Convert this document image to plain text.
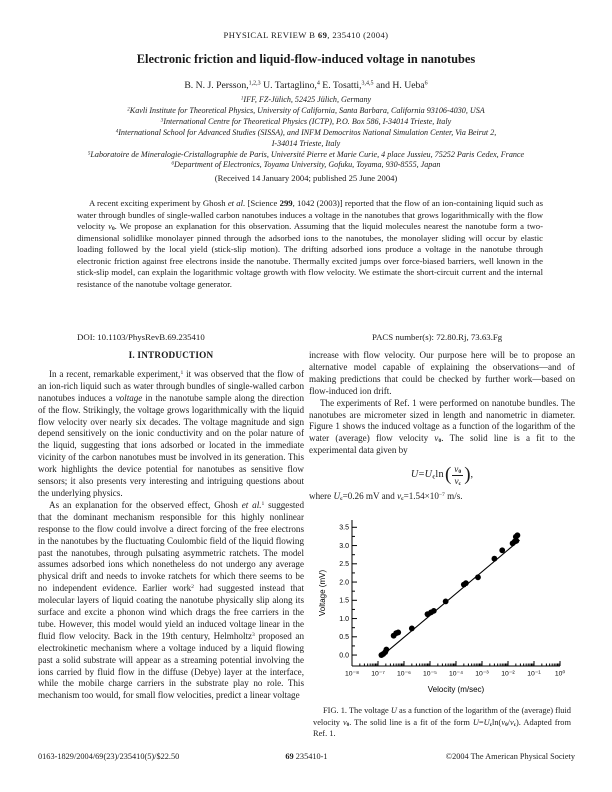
PHYSICAL REVIEW B 69, 235410 (2004)
Electronic friction and liquid-flow-induced voltage in nanotubes
B. N. J. Persson,$^{1,2,3}$ U. Tartaglino,$^4$ E. Tosatti,$^{3,4,5}$ and H. Ueba$^6$
$^1$IFF, FZ-Jülich, 52425 Jülich, Germany
$^2$Kavli Institute for Theoretical Physics, University of California, Santa Barbara, California 93106-4030, USA
$^3$International Centre for Theoretical Physics (ICTP), P.O. Box 586, I-34014 Trieste, Italy
$^4$International School for Advanced Studies (SISSA), and INFM Democritos National Simulation Center, Via Beirut 2,
I-34014 Trieste, Italy
$^5$Laboratoire de Mineralogie-Cristallographie de Paris, Université Pierre et Marie Curie, 4 place Jussieu, 75252 Paris Cedex, France
$^6$Department of Electronics, Toyama University, Gofuku, Toyama, 930-8555, Japan
(Received 14 January 2004; published 25 June 2004)
A recent exciting experiment by Ghosh et al. [Science 299, 1042 (2003)] reported that the flow of an ion-containing liquid such as water through bundles of single-walled carbon nanotubes induces a voltage in the nanotubes that grows logarithmically with the flow velocity $v_0$. We propose an explanation for this observation. Assuming that the liquid molecules nearest the nanotube form a two-dimensional solidlike monolayer pinned through the adsorbed ions to the nanotubes, the monolayer sliding will occur by elastic loading followed by the local yield (stick-slip motion). The drifting adsorbed ions produce a voltage in the nanotube through electronic friction against free electrons inside the nanotube. Thermally excited jumps over force-biased barriers, well known in the stick-slip model, can explain the logarithmic voltage growth with flow velocity. We estimate the short-circuit current and the internal resistance of the nanotube voltage generator.
DOI: 10.1103/PhysRevB.69.235410	PACS number(s): 72.80.Rj, 73.63.Fg
I. INTRODUCTION

In a recent, remarkable experiment,$^1$ it was observed that the flow of an ion-rich liquid such as water through bundles of single-walled carbon nanotubes induces a voltage in the nanotube sample along the direction of the flow. Strikingly, the voltage grows logarithmically with the liquid flow velocity over nearly six decades. The voltage magnitude and sign depend sensitively on the ionic conductivity and on the polar nature of the liquid, suggesting that ions adsorbed or located in the immediate vicinity of the carbon nanotubes must be involved in its generation. This work highlights the device potential for nanotubes as sensitive flow sensors; it also presents very interesting and intriguing questions about the underlying physics.

As an explanation for the observed effect, Ghosh et al.$^1$ suggested that the dominant mechanism responsible for this highly nonlinear response to the flow could involve a direct forcing of the free electrons in the nanotubes by the fluctuating Coulombic field of the liquid flowing past the nanotubes, through pulsating asymmetric ratchets. The model assumes adsorbed ions which nonetheless do not undergo any average physical drift and needs to invoke ratchets for which there seems to be no independent evidence. Earlier work$^2$ had suggested instead that molecular layers of liquid coating the nanotube physically slip along its surface and excite a phonon wind which drags the free carriers in the tube. However, this model would yield an induced voltage linear in the fluid flow velocity. Back in the 19th century, Helmholtz$^3$ proposed an electrokinetic mechanism where a voltage induced by a liquid flowing past a solid substrate will appear as a streaming potential involving the ions carried by fluid flow in the diffuse (Debye) layer at the interface, while the mobile charge carriers in the substrate play no role. This mechanism too would, for small flow velocities, predict a linear voltage

increase with flow velocity. Our purpose here will be to propose an alternative model capable of explaining the observations—and of making predictions that could be checked by further work—based on flow-induced ion drift.

The experiments of Ref. 1 were performed on nanotube bundles. The nanotubes are micrometer sized in length and nanometric in diameter. Figure 1 shows the induced voltage as a function of the logarithm of the water (average) flow velocity $v_0$. The solid line is a fit to the experimental data given by

$U=U_c\ln$ ( $\frac{v_0}{v_c}$ ) ,

where $U_c=0.26$ mV and $v_c=1.54\times 10^{-7}$ m/s.

0.0
0.5
1.0
1.5
2.0
2.5
3.0
3.5
10⁻⁸ 10⁻⁷ 10⁻⁶ 10⁻⁵ 10⁻⁴ 10⁻³ 10⁻² 10⁻¹ 10⁰
Velocity (m/sec)
Voltage (mV)

FIG. 1. The voltage U as a function of the logarithm of the (average) fluid velocity $v_0$. The solid line is a fit of the form $U=U_c\ln(v_0/v_c)$. Adapted from Ref. 1.

0163-1829/2004/69(23)/235410(5)/$22.50	69 235410-1	©2004 The American Physical Society
